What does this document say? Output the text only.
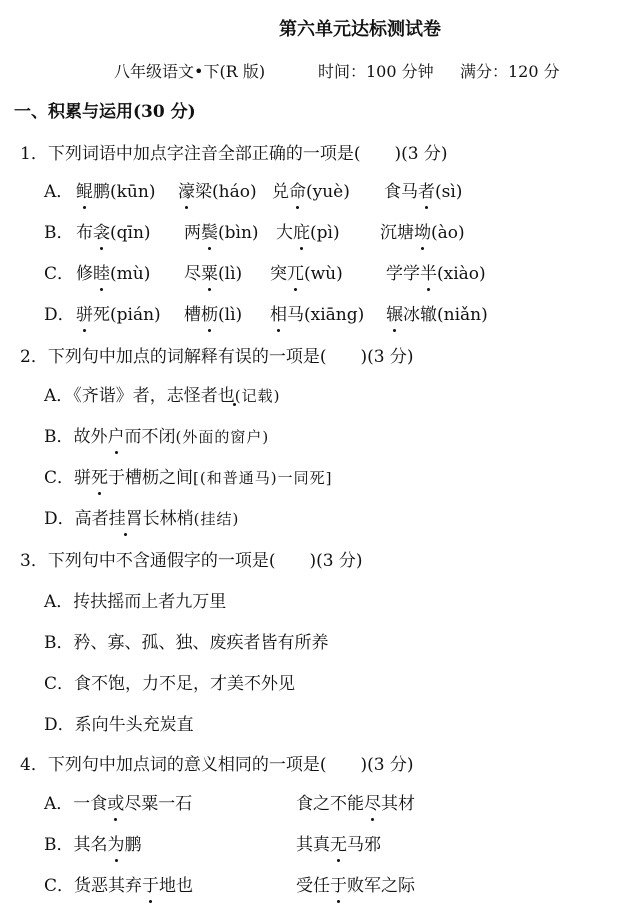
第六单元达标测试卷
八年级语文•下(R 版)	时间：100 分钟 满分：120 分
一、积累与运用(30 分)
1．下列词语中加点字注音全部正确的一项是(　　)(3 分)
A． 鲲鹏(kūn) 濠梁(háo) 兑命(yuè) 食马者(sì)
B． 布衾(qīn) 两鬓(bìn) 大庇(pì) 沉塘坳(ào)
C． 修睦(mù) 尽粟(lì) 突兀(wù)	学学半(xiào)
D． 骈死(pián) 槽枥(lì) 相马(xiāng) 辗冰辙(niǎn)
2．下列句中加点的词解释有误的一项是(　　)(3 分)
A．《齐谐》者，志怪者也(记载)
B．故外户而不闭(外面的窗户)
C．骈死于槽枥之间[(和普通马)一同死]
D．高者挂罥长林梢(挂结)
3．下列句中不含通假字的一项是(　　)(3 分)
A．抟扶摇而上者九万里
B．矜、寡、孤、独、废疾者皆有所养
C．食不饱，力不足，才美不外见
D．系向牛头充炭直
4．下列句中加点词的意义相同的一项是(　　)(3 分)
A．一食或尽粟一石	食之不能尽其材
B．其名为鹏	其真无马邪
C．货恶其弃于地也	受任于败军之际
